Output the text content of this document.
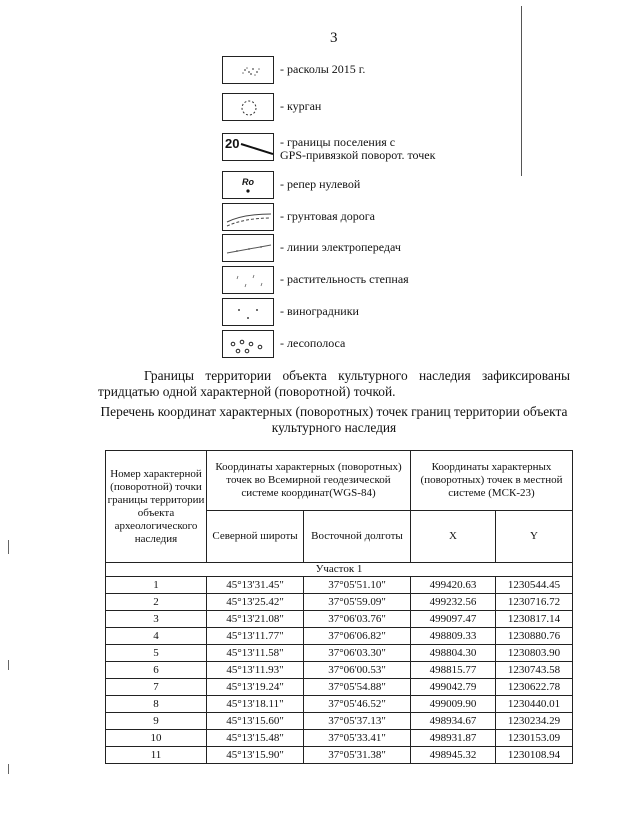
3
- расколы 2015 г.
- курган
20	- границы поселения с
GPS-привязкой поворот. точек
Ro - репер нулевой
- грунтовая дорога
- линии электропередач
- растительность степная
- виноградники
- лесополоса
Границы территории объекта культурного наследия зафиксированы тридцатью одной характерной (поворотной) точкой.
Перечень координат характерных (поворотных) точек границ территории объекта культурного наследия
Номер характерной (поворотной) точки границы территории объекта археологического наследия	Координаты характерных (поворотных) точек во Всемирной геодезической системе координат(WGS-84)		Координаты характерных (поворотных) точек в местной системе (МСК-23)	
	Северной широты	Восточной долготы	X	Y
Участок 1				
1	45°13'31.45"	37°05'51.10"	499420.63	1230544.45
2	45°13'25.42"	37°05'59.09"	499232.56	1230716.72
3	45°13'21.08"	37°06'03.76"	499097.47	1230817.14
4	45°13'11.77"	37°06'06.82"	498809.33	1230880.76
5	45°13'11.58"	37°06'03.30"	498804.30	1230803.90
6	45°13'11.93"	37°06'00.53"	498815.77	1230743.58
7	45°13'19.24"	37°05'54.88"	499042.79	1230622.78
8	45°13'18.11"	37°05'46.52"	499009.90	1230440.01
9	45°13'15.60"	37°05'37.13"	498934.67	1230234.29
10	45°13'15.48"	37°05'33.41"	498931.87	1230153.09
11	45°13'15.90"	37°05'31.38"	498945.32	1230108.94
